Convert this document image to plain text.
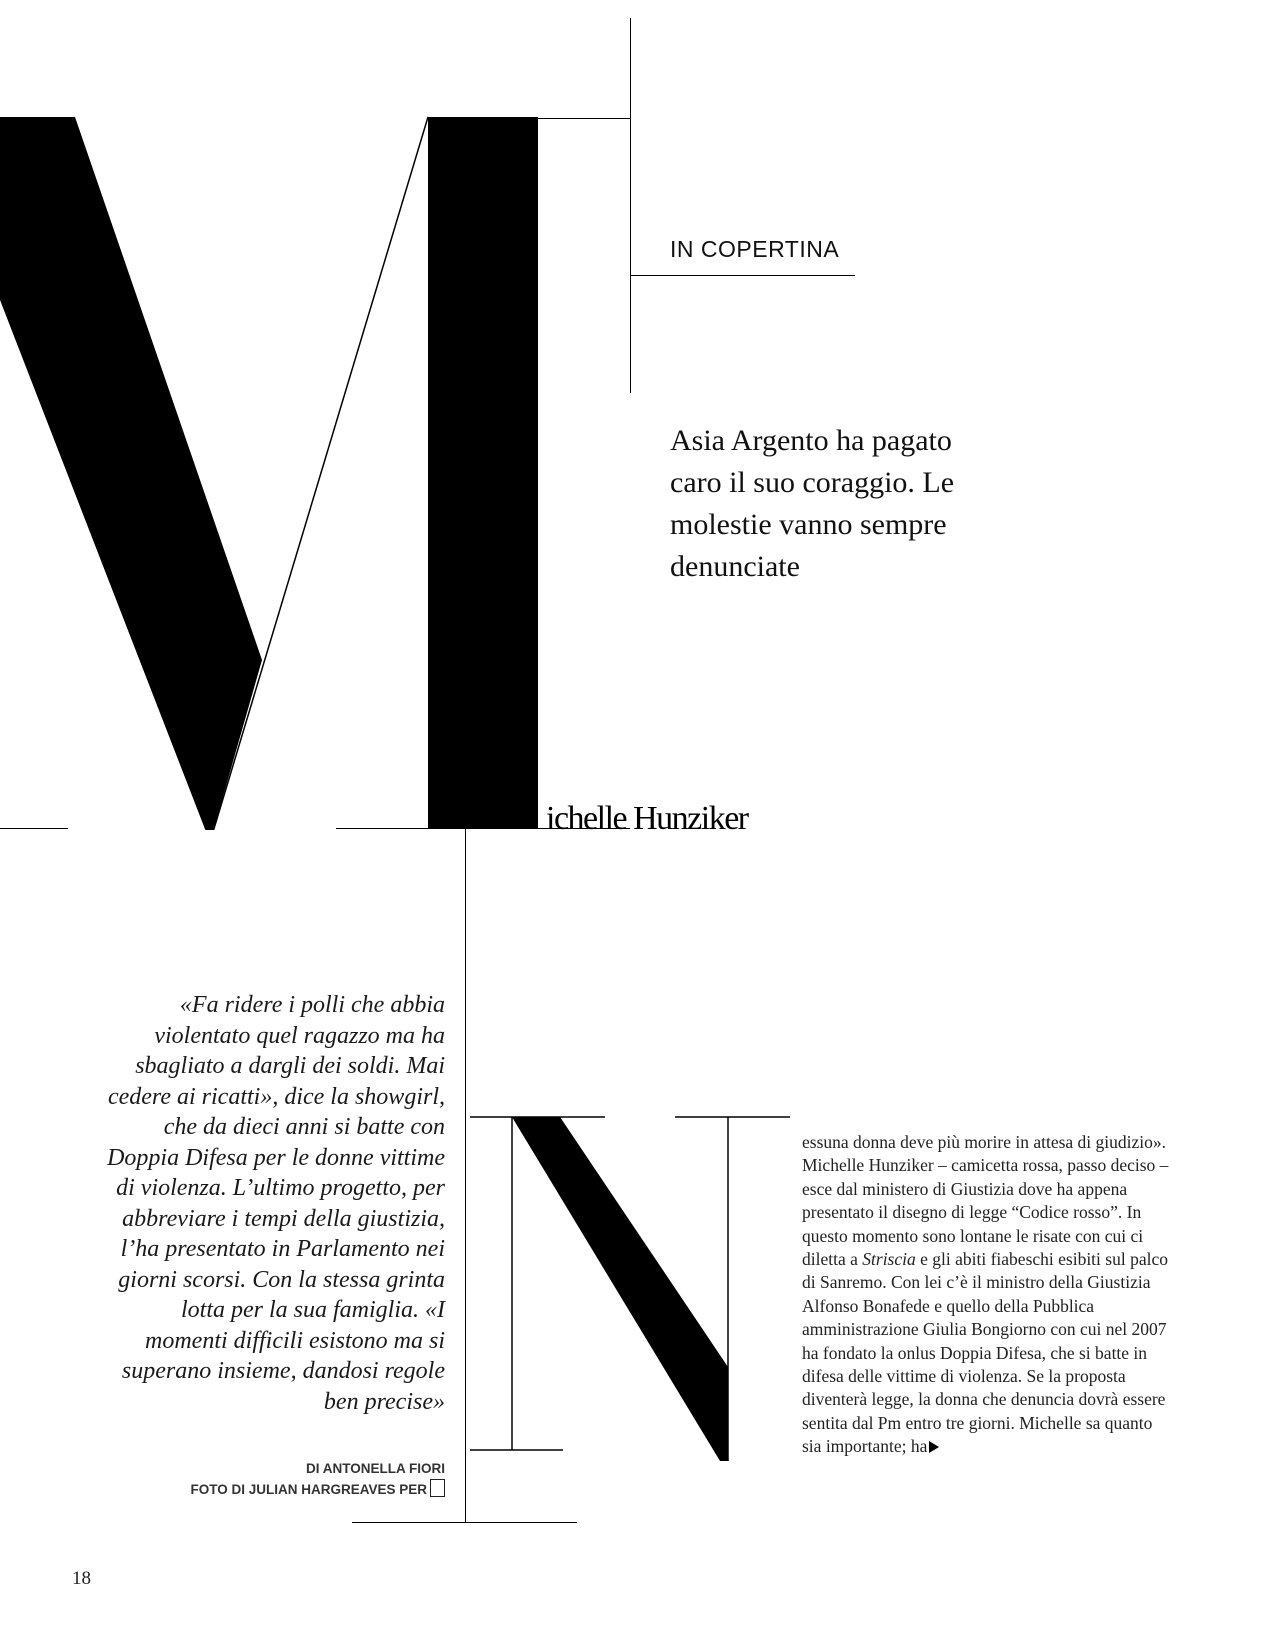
IN COPERTINA

Asia Argento ha pagato caro il suo coraggio. Le molestie vanno sempre denunciate

ichelle Hunziker

«Fa ridere i polli che abbia violentato quel ragazzo ma ha sbagliato a dargli dei soldi. Mai cedere ai ricatti», dice la showgirl, che da dieci anni si batte con Doppia Difesa per le donne vittime di violenza. L’ultimo progetto, per abbreviare i tempi della giustizia, l’ha presentato in Parlamento nei giorni scorsi. Con la stessa grinta lotta per la sua famiglia. «I momenti difficili esistono ma si superano insieme, dandosi regole ben precise»

DI ANTONELLA FIORI
FOTO DI JULIAN HARGREAVES PER

essuna donna deve più morire in attesa di giudizio». Michelle Hunziker – camicetta rossa, passo deciso – esce dal ministero di Giustizia dove ha appena presentato il disegno di legge “Codice rosso”. In questo momento sono lontane le risate con cui ci diletta a Striscia e gli abiti fiabeschi esibiti sul palco di Sanremo. Con lei c’è il ministro della Giustizia Alfonso Bonafede e quello della Pubblica amministrazione Giulia Bongiorno con cui nel 2007 ha fondato la onlus Doppia Difesa, che si batte in difesa delle vittime di violenza. Se la proposta diventerà legge, la donna che denuncia dovrà essere sentita dal Pm entro tre giorni. Michelle sa quanto sia importante; ha

18
